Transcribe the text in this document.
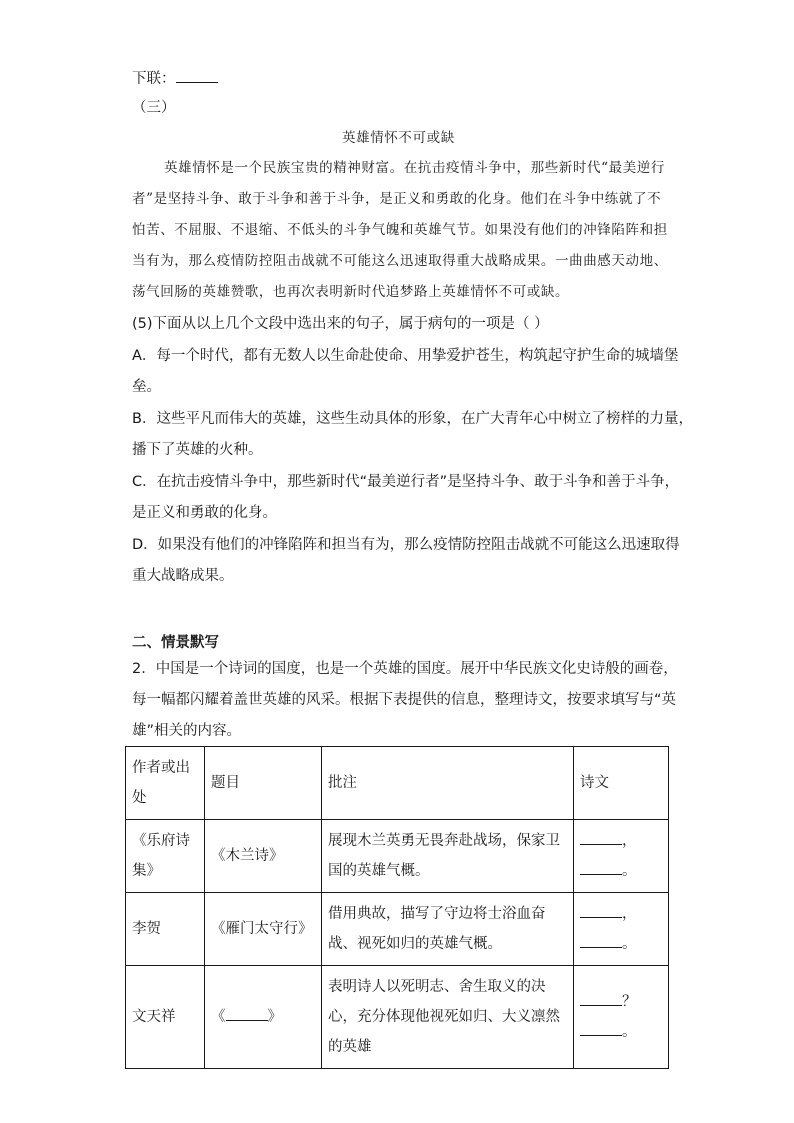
下联：
（三）
英雄情怀不可或缺
英雄情怀是一个民族宝贵的精神财富。在抗击疫情斗争中，那些新时代“最美逆行
者”是坚持斗争、敢于斗争和善于斗争，是正义和勇敢的化身。他们在斗争中练就了不
怕苦、不屈服、不退缩、不低头的斗争气魄和英雄气节。如果没有他们的冲锋陷阵和担
当有为，那么疫情防控阻击战就不可能这么迅速取得重大战略成果。一曲曲感天动地、
荡气回肠的英雄赞歌，也再次表明新时代追梦路上英雄情怀不可或缺。
(5)下面从以上几个文段中选出来的句子，属于病句的一项是（ ）
A．每一个时代，都有无数人以生命赴使命、用挚爱护苍生，构筑起守护生命的城墙堡
垒。
B．这些平凡而伟大的英雄，这些生动具体的形象，在广大青年心中树立了榜样的力量，
播下了英雄的火种。
C．在抗击疫情斗争中，那些新时代“最美逆行者”是坚持斗争、敢于斗争和善于斗争，
是正义和勇敢的化身。
D．如果没有他们的冲锋陷阵和担当有为，那么疫情防控阻击战就不可能这么迅速取得
重大战略成果。
二、情景默写
2．中国是一个诗词的国度，也是一个英雄的国度。展开中华民族文化史诗般的画卷，
每一幅都闪耀着盖世英雄的风采。根据下表提供的信息，整理诗文，按要求填写与“英
雄”相关的内容。
作者或出处	题目	批注	诗文
《乐府诗集》	《木兰诗》	展现木兰英勇无畏奔赴战场，保家卫国的英雄气概。	，
。

李贺	《雁门太守行》	借用典故，描写了守边将士浴血奋战、视死如归的英雄气概。	，
。

文天祥	《 》	表明诗人以死明志、舍生取义的决心，充分体现他视死如归、大义凛然的英雄	？
。
